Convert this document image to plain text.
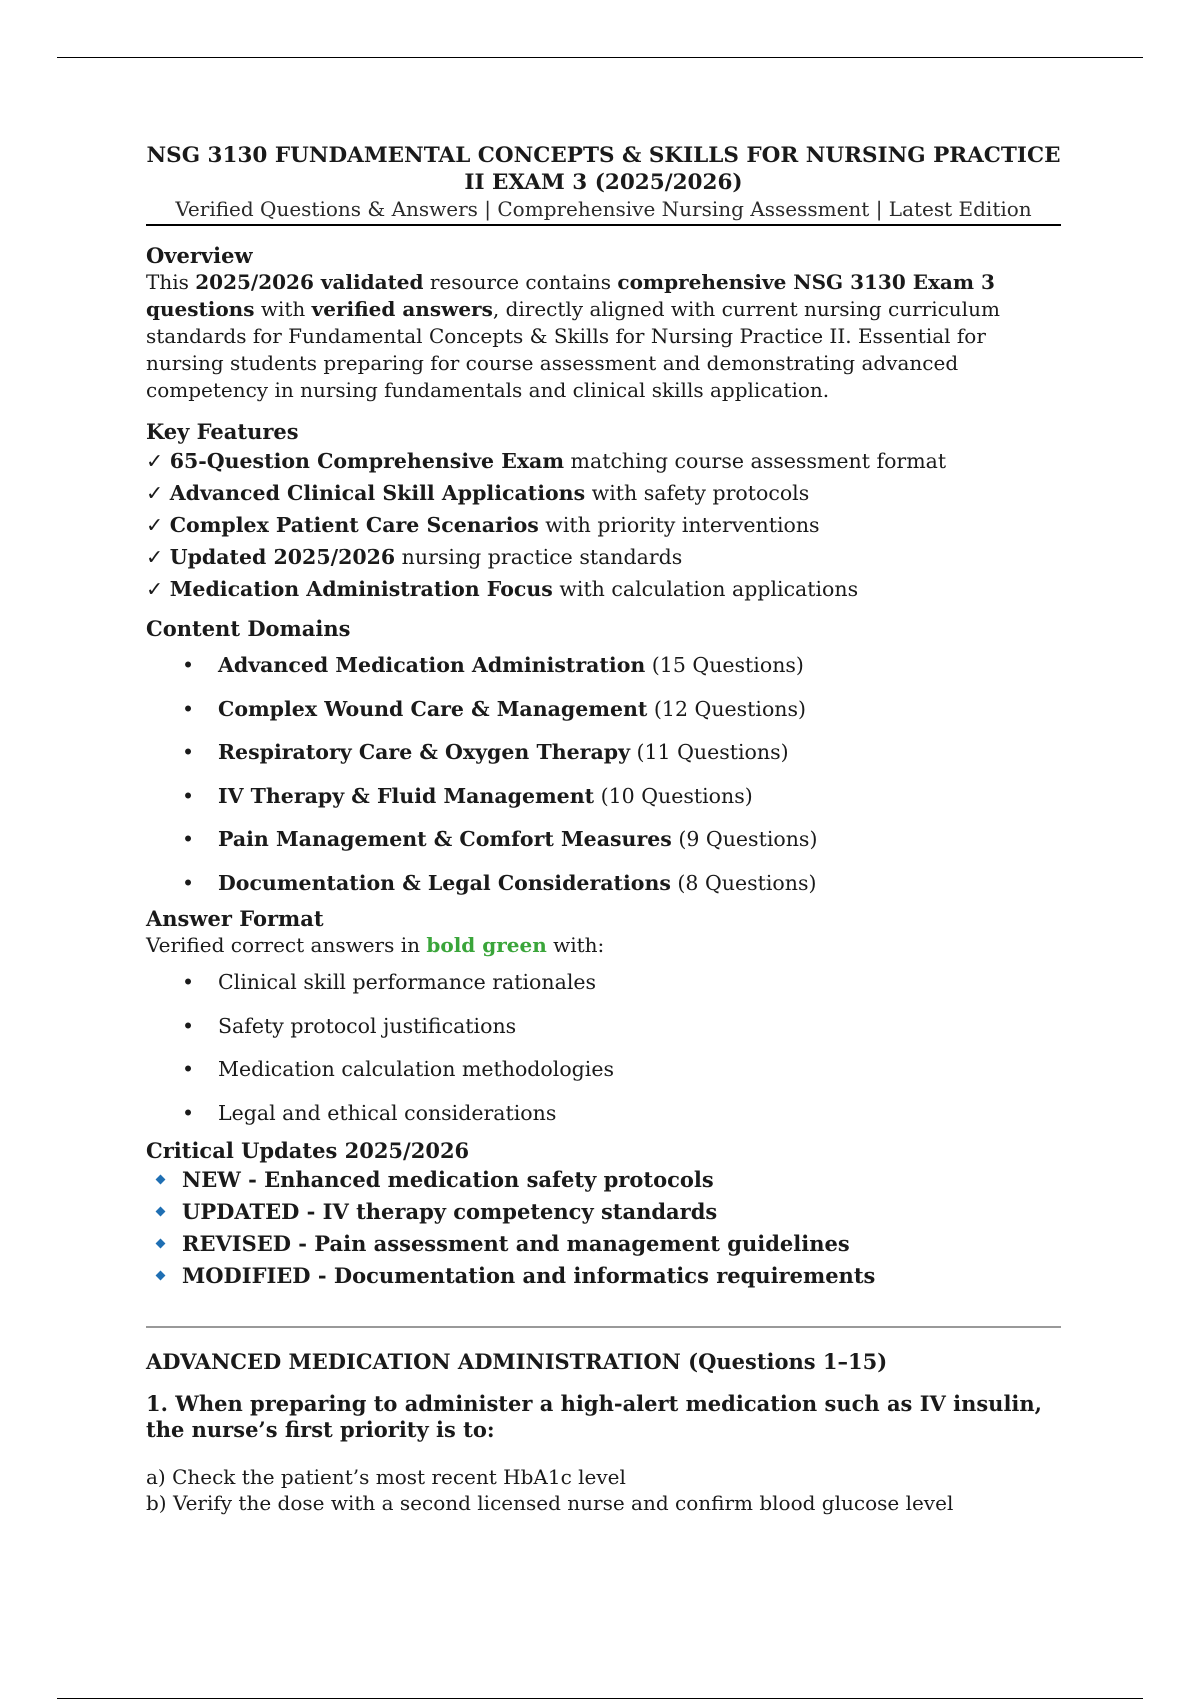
NSG 3130 FUNDAMENTAL CONCEPTS & SKILLS FOR NURSING PRACTICE II EXAM 3 (2025/2026)
Verified Questions & Answers | Comprehensive Nursing Assessment | Latest Edition
Overview

This 2025/2026 validated resource contains comprehensive NSG 3130 Exam 3 questions with verified answers, directly aligned with current nursing curriculum standards for Fundamental Concepts & Skills for Nursing Practice II. Essential for nursing students preparing for course assessment and demonstrating advanced competency in nursing fundamentals and clinical skills application.

Key Features

✓ 65-Question Comprehensive Exam matching course assessment format

✓ Advanced Clinical Skill Applications with safety protocols

✓ Complex Patient Care Scenarios with priority interventions

✓ Updated 2025/2026 nursing practice standards

✓ Medication Administration Focus with calculation applications

Content Domains
• Advanced Medication Administration (15 Questions)
• Complex Wound Care & Management (12 Questions)
• Respiratory Care & Oxygen Therapy (11 Questions)
• IV Therapy & Fluid Management (10 Questions)
• Pain Management & Comfort Measures (9 Questions)
• Documentation & Legal Considerations (8 Questions)
Answer Format

Verified correct answers in bold green with:

• Clinical skill performance rationales
• Safety protocol justifications
• Medication calculation methodologies
• Legal and ethical considerations
Critical Updates 2025/2026
NEW - Enhanced medication safety protocols
UPDATED - IV therapy competency standards
REVISED - Pain assessment and management guidelines
MODIFIED - Documentation and informatics requirements
ADVANCED MEDICATION ADMINISTRATION (Questions 1–15)

1. When preparing to administer a high-alert medication such as IV insulin, the nurse’s first priority is to:

a) Check the patient’s most recent HbA1c level

b) Verify the dose with a second licensed nurse and confirm blood glucose level
